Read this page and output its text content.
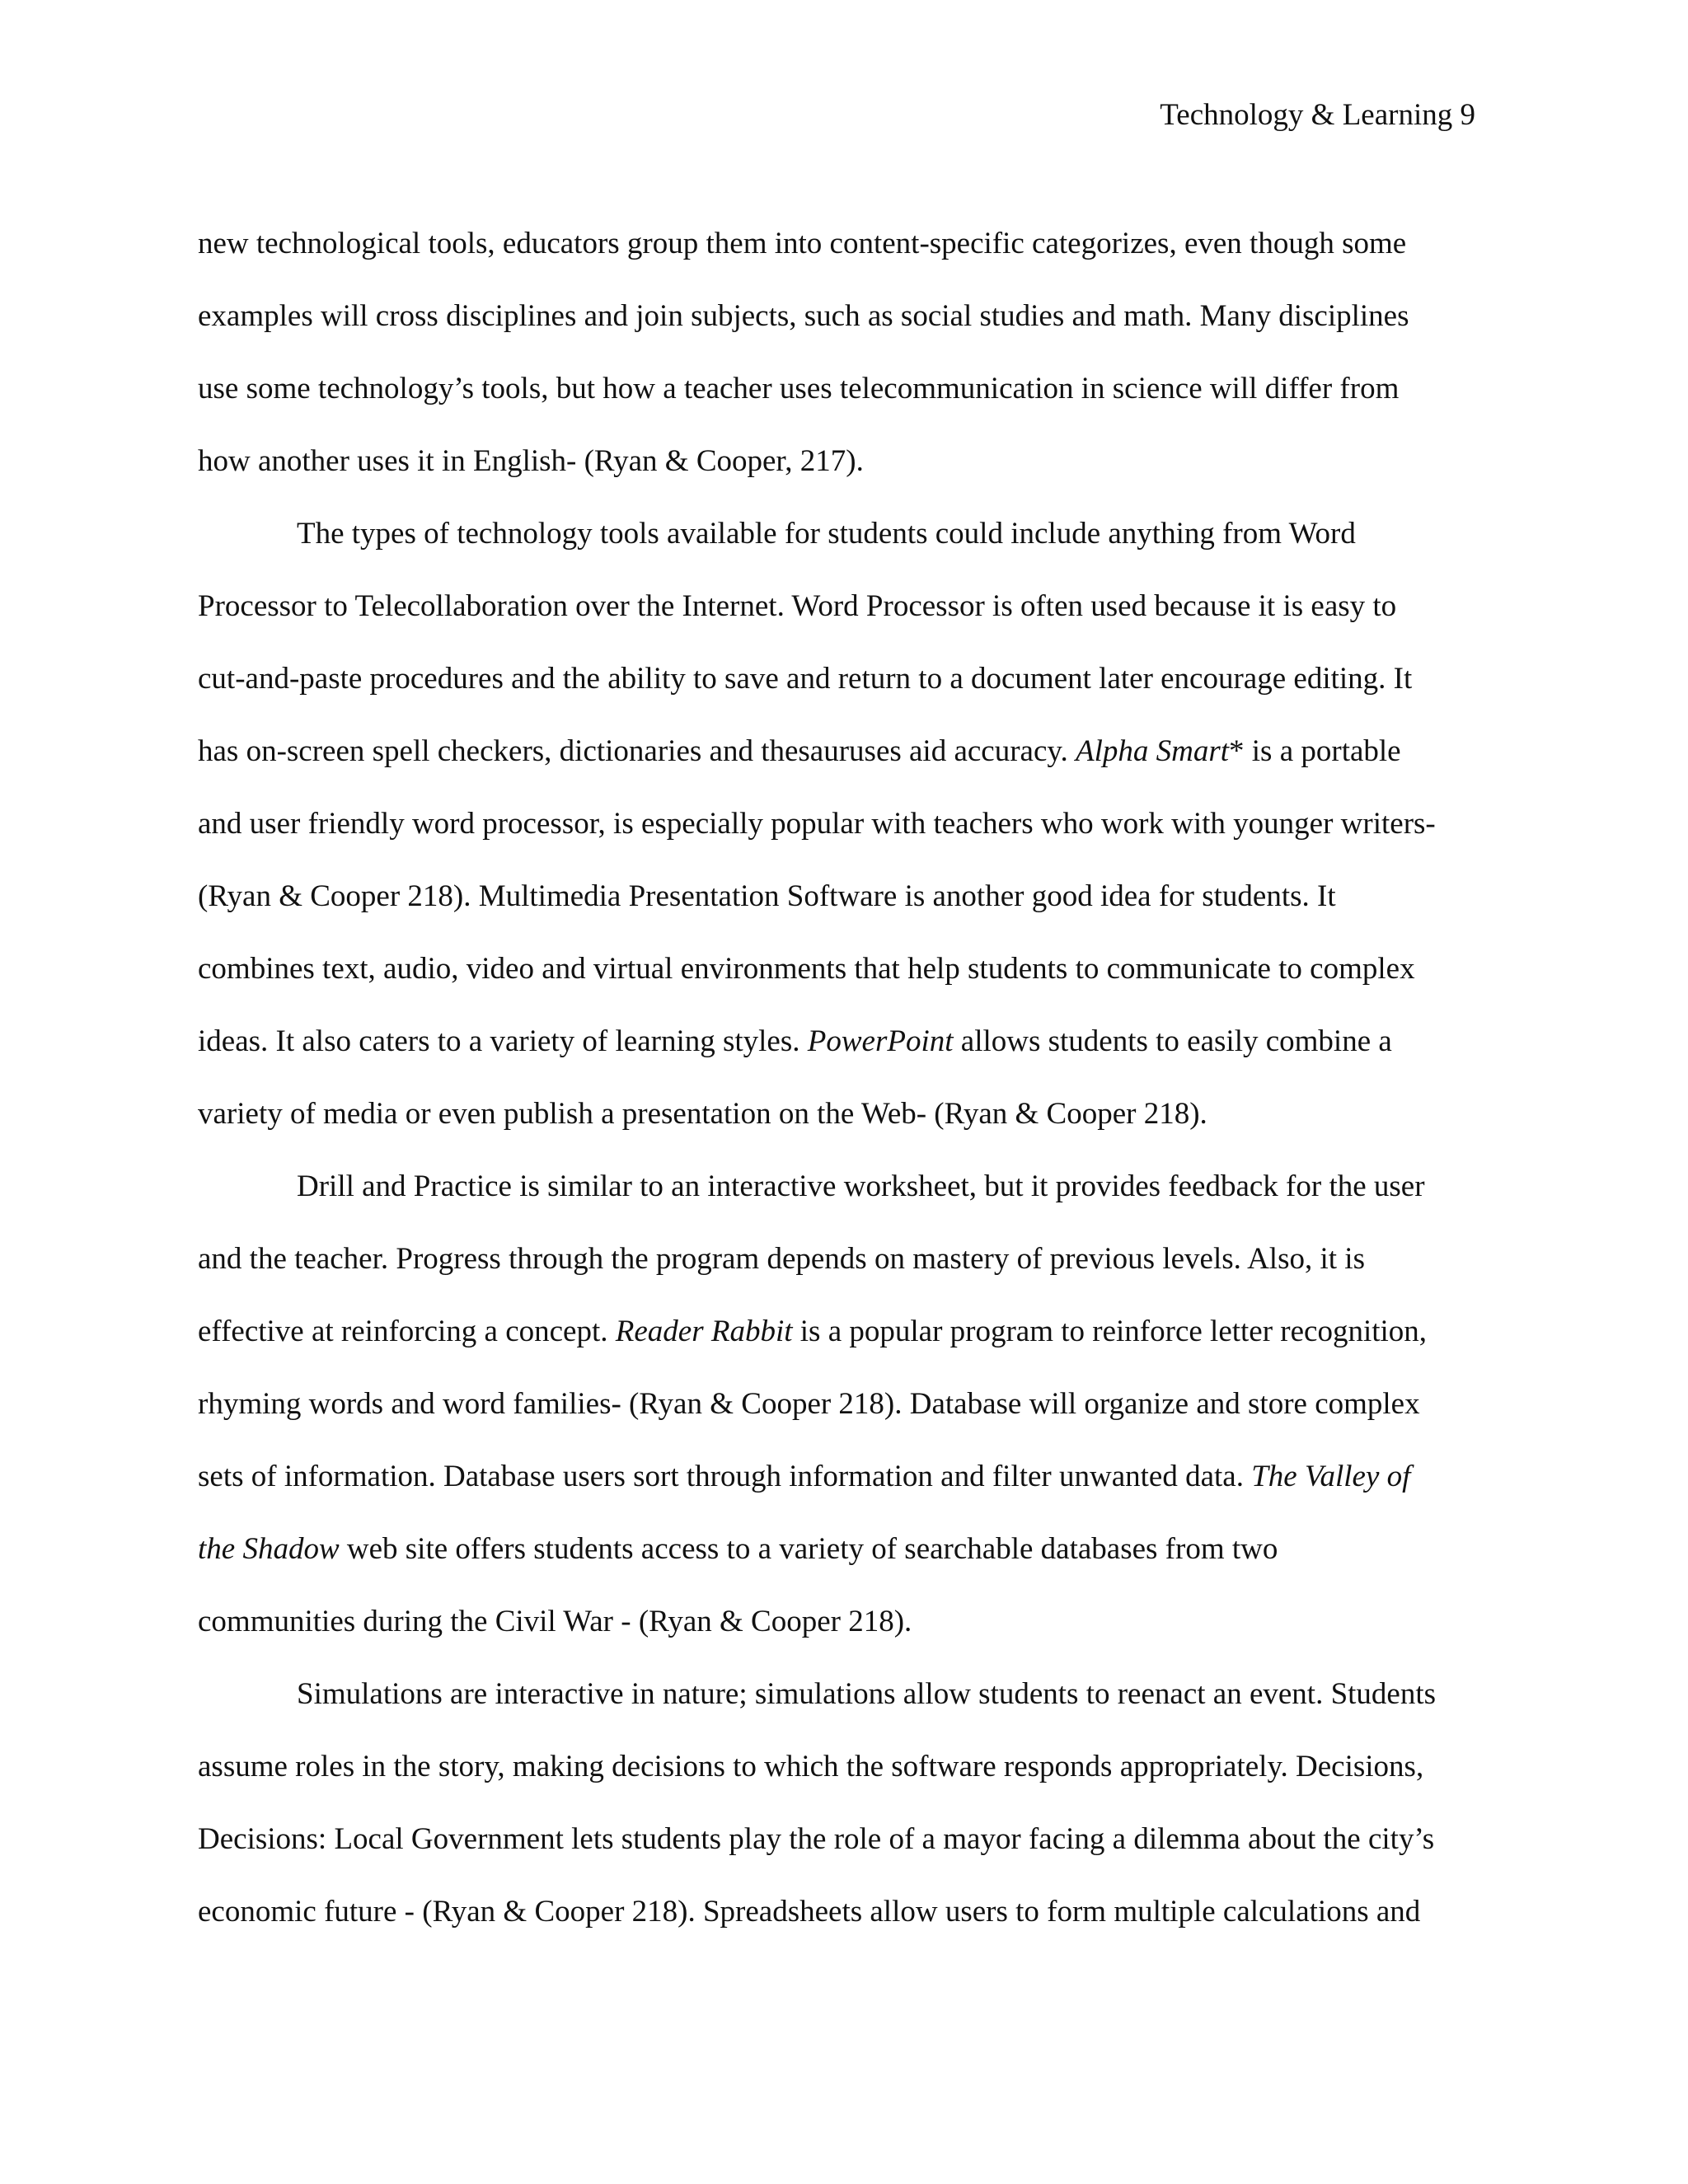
Technology & Learning 9
new technological tools, educators group them into content-specific categorizes, even though some
examples will cross disciplines and join subjects, such as social studies and math. Many disciplines
use some technology’s tools, but how a teacher uses telecommunication in science will differ from
how another uses it in English- (Ryan & Cooper, 217).
The types of technology tools available for students could include anything from Word
Processor to Telecollaboration over the Internet. Word Processor is often used because it is easy to
cut-and-paste procedures and the ability to save and return to a document later encourage editing. It
has on-screen spell checkers, dictionaries and thesauruses aid accuracy. Alpha Smart* is a portable
and user friendly word processor, is especially popular with teachers who work with younger writers-
(Ryan & Cooper 218). Multimedia Presentation Software is another good idea for students. It
combines text, audio, video and virtual environments that help students to communicate to complex
ideas. It also caters to a variety of learning styles. PowerPoint allows students to easily combine a
variety of media or even publish a presentation on the Web- (Ryan & Cooper 218).
Drill and Practice is similar to an interactive worksheet, but it provides feedback for the user
and the teacher. Progress through the program depends on mastery of previous levels. Also, it is
effective at reinforcing a concept. Reader Rabbit is a popular program to reinforce letter recognition,
rhyming words and word families- (Ryan & Cooper 218). Database will organize and store complex
sets of information. Database users sort through information and filter unwanted data. The Valley of
the Shadow web site offers students access to a variety of searchable databases from two
communities during the Civil War - (Ryan & Cooper 218).
Simulations are interactive in nature; simulations allow students to reenact an event. Students
assume roles in the story, making decisions to which the software responds appropriately. Decisions,
Decisions: Local Government lets students play the role of a mayor facing a dilemma about the city’s
economic future - (Ryan & Cooper 218). Spreadsheets allow users to form multiple calculations and
